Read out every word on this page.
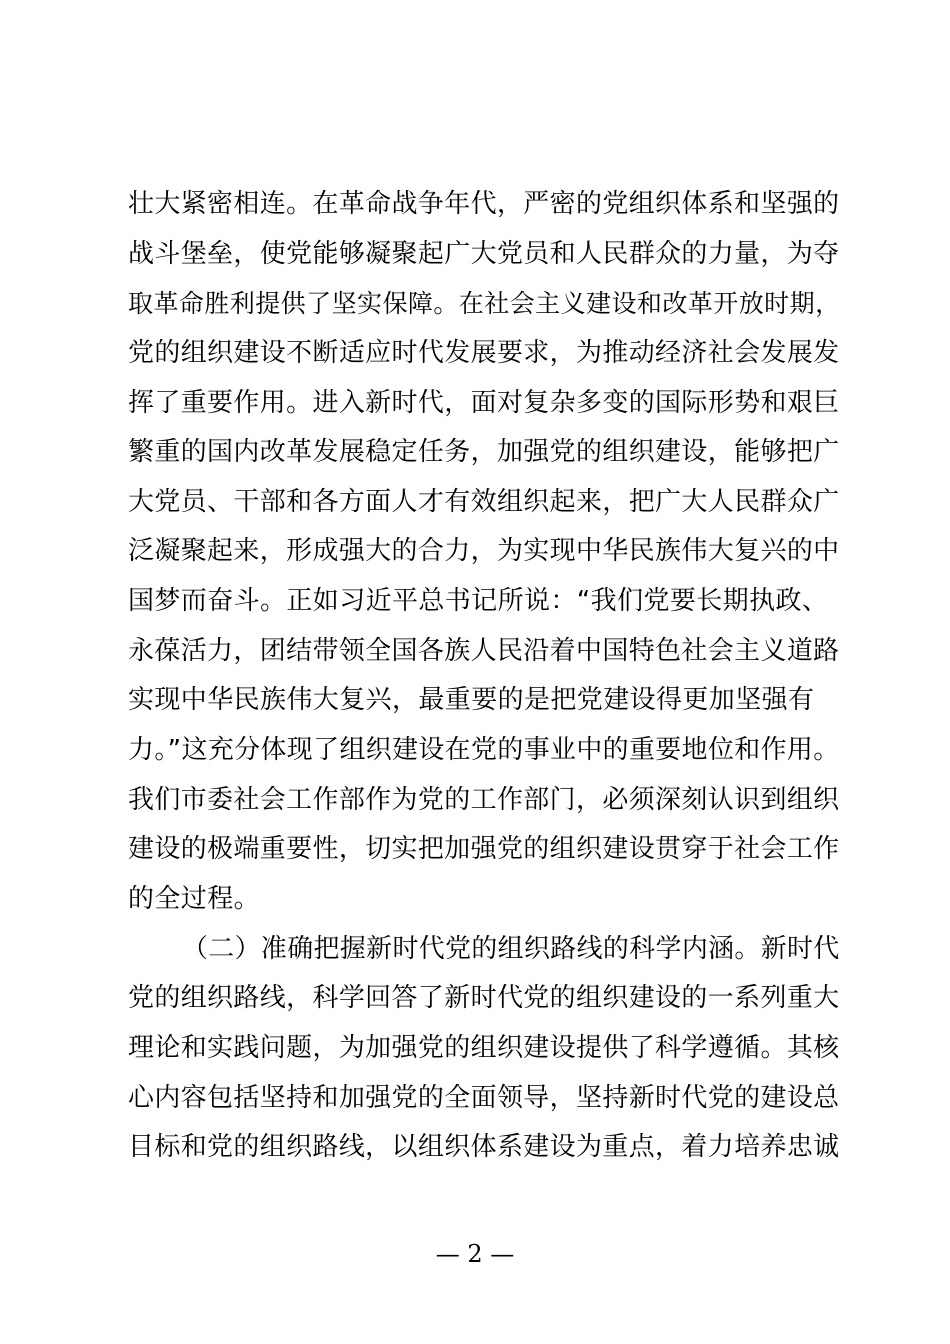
壮大紧密相连。在革命战争年代，严密的党组织体系和坚强的
战斗堡垒，使党能够凝聚起广大党员和人民群众的力量，为夺
取革命胜利提供了坚实保障。在社会主义建设和改革开放时期，
党的组织建设不断适应时代发展要求，为推动经济社会发展发
挥了重要作用。进入新时代，面对复杂多变的国际形势和艰巨
繁重的国内改革发展稳定任务，加强党的组织建设，能够把广
大党员、干部和各方面人才有效组织起来，把广大人民群众广
泛凝聚起来，形成强大的合力，为实现中华民族伟大复兴的中
国梦而奋斗。正如习近平总书记所说：“我们党要长期执政、
永葆活力，团结带领全国各族人民沿着中国特色社会主义道路
实现中华民族伟大复兴，最重要的是把党建设得更加坚强有
力。”这充分体现了组织建设在党的事业中的重要地位和作用。
我们市委社会工作部作为党的工作部门，必须深刻认识到组织
建设的极端重要性，切实把加强党的组织建设贯穿于社会工作
的全过程。
（二）准确把握新时代党的组织路线的科学内涵。新时代
党的组织路线，科学回答了新时代党的组织建设的一系列重大
理论和实践问题，为加强党的组织建设提供了科学遵循。其核
心内容包括坚持和加强党的全面领导，坚持新时代党的建设总
目标和党的组织路线，以组织体系建设为重点，着力培养忠诚
— 2 —
